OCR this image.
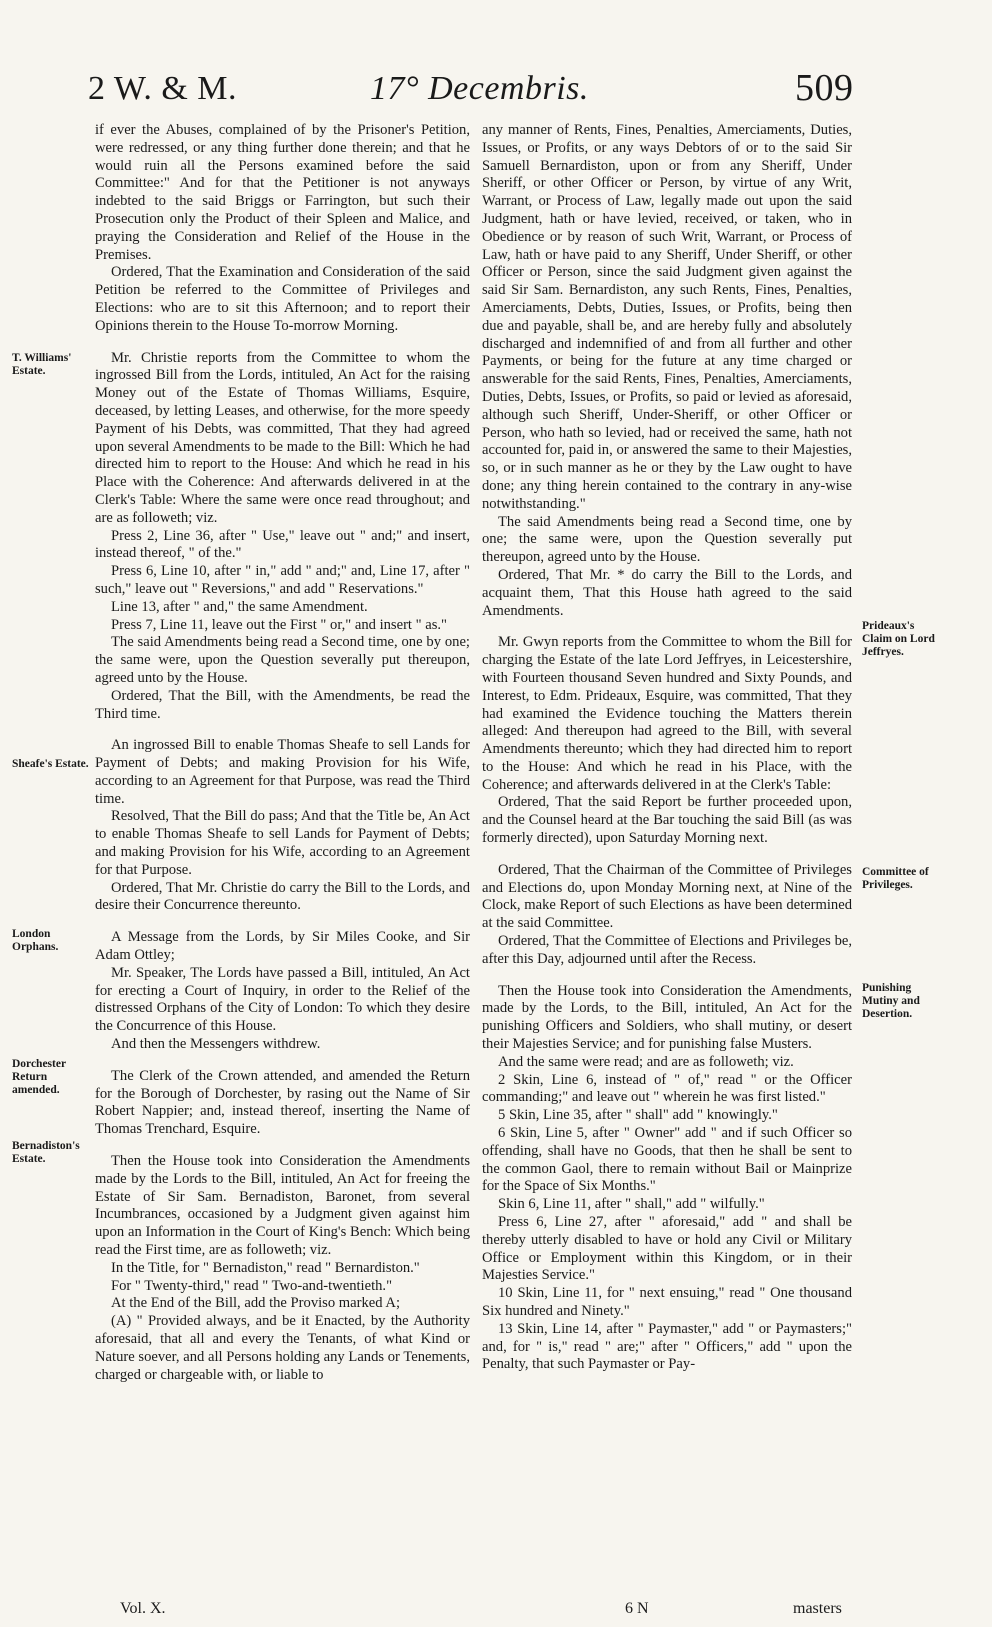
2 W. & M.	17° Decembris.	509
T. Williams' Estate.
Sheafe's Estate.
London Orphans.
Dorchester Return amended.
Bernadiston's Estate.
Prideaux's Claim on Lord Jeffryes.
Committee of Privileges.
Punishing Mutiny and Desertion.

if ever the Abuses, complained of by the Prisoner's Petition, were redressed, or any thing further done therein; and that he would ruin all the Persons examined before the said Committee:" And for that the Petitioner is not anyways indebted to the said Briggs or Farrington, but such their Prosecution only the Product of their Spleen and Malice, and praying the Consideration and Relief of the House in the Premises.

Ordered, That the Examination and Consideration of the said Petition be referred to the Committee of Privileges and Elections: who are to sit this Afternoon; and to report their Opinions therein to the House To-morrow Morning.

Mr. Christie reports from the Committee to whom the ingrossed Bill from the Lords, intituled, An Act for the raising Money out of the Estate of Thomas Williams, Esquire, deceased, by letting Leases, and otherwise, for the more speedy Payment of his Debts, was committed, That they had agreed upon several Amendments to be made to the Bill: Which he had directed him to report to the House: And which he read in his Place with the Coherence: And afterwards delivered in at the Clerk's Table: Where the same were once read throughout; and are as followeth; viz.

Press 2, Line 36, after " Use," leave out " and;" and insert, instead thereof, " of the."

Press 6, Line 10, after " in," add " and;" and, Line 17, after " such," leave out " Reversions," and add " Reservations."

Line 13, after " and," the same Amendment.

Press 7, Line 11, leave out the First " or," and insert " as."

The said Amendments being read a Second time, one by one; the same were, upon the Question severally put thereupon, agreed unto by the House.

Ordered, That the Bill, with the Amendments, be read the Third time.

An ingrossed Bill to enable Thomas Sheafe to sell Lands for Payment of Debts; and making Provision for his Wife, according to an Agreement for that Purpose, was read the Third time.

Resolved, That the Bill do pass; And that the Title be, An Act to enable Thomas Sheafe to sell Lands for Payment of Debts; and making Provision for his Wife, according to an Agreement for that Purpose.

Ordered, That Mr. Christie do carry the Bill to the Lords, and desire their Concurrence thereunto.

A Message from the Lords, by Sir Miles Cooke, and Sir Adam Ottley;

Mr. Speaker, The Lords have passed a Bill, intituled, An Act for erecting a Court of Inquiry, in order to the Relief of the distressed Orphans of the City of London: To which they desire the Concurrence of this House.

And then the Messengers withdrew.

The Clerk of the Crown attended, and amended the Return for the Borough of Dorchester, by rasing out the Name of Sir Robert Nappier; and, instead thereof, inserting the Name of Thomas Trenchard, Esquire.

Then the House took into Consideration the Amendments made by the Lords to the Bill, intituled, An Act for freeing the Estate of Sir Sam. Bernadiston, Baronet, from several Incumbrances, occasioned by a Judgment given against him upon an Information in the Court of King's Bench: Which being read the First time, are as followeth; viz.

In the Title, for " Bernadiston," read " Bernardiston."

For " Twenty-third," read " Two-and-twentieth."

At the End of the Bill, add the Proviso marked A;

(A) " Provided always, and be it Enacted, by the Authority aforesaid, that all and every the Tenants, of what Kind or Nature soever, and all Persons holding any Lands or Tenements, charged or chargeable with, or liable to

any manner of Rents, Fines, Penalties, Amerciaments, Duties, Issues, or Profits, or any ways Debtors of or to the said Sir Samuell Bernardiston, upon or from any Sheriff, Under Sheriff, or other Officer or Person, by virtue of any Writ, Warrant, or Process of Law, legally made out upon the said Judgment, hath or have levied, received, or taken, who in Obedience or by reason of such Writ, Warrant, or Process of Law, hath or have paid to any Sheriff, Under Sheriff, or other Officer or Person, since the said Judgment given against the said Sir Sam. Bernardiston, any such Rents, Fines, Penalties, Amerciaments, Debts, Duties, Issues, or Profits, being then due and payable, shall be, and are hereby fully and absolutely discharged and indemnified of and from all further and other Payments, or being for the future at any time charged or answerable for the said Rents, Fines, Penalties, Amerciaments, Duties, Debts, Issues, or Profits, so paid or levied as aforesaid, although such Sheriff, Under-Sheriff, or other Officer or Person, who hath so levied, had or received the same, hath not accounted for, paid in, or answered the same to their Majesties, so, or in such manner as he or they by the Law ought to have done; any thing herein contained to the contrary in any-wise notwithstanding."

The said Amendments being read a Second time, one by one; the same were, upon the Question severally put thereupon, agreed unto by the House.

Ordered, That Mr. * do carry the Bill to the Lords, and acquaint them, That this House hath agreed to the said Amendments.

Mr. Gwyn reports from the Committee to whom the Bill for charging the Estate of the late Lord Jeffryes, in Leicestershire, with Fourteen thousand Seven hundred and Sixty Pounds, and Interest, to Edm. Prideaux, Esquire, was committed, That they had examined the Evidence touching the Matters therein alleged: And thereupon had agreed to the Bill, with several Amendments thereunto; which they had directed him to report to the House: And which he read in his Place, with the Coherence; and afterwards delivered in at the Clerk's Table:

Ordered, That the said Report be further proceeded upon, and the Counsel heard at the Bar touching the said Bill (as was formerly directed), upon Saturday Morning next.

Ordered, That the Chairman of the Committee of Privileges and Elections do, upon Monday Morning next, at Nine of the Clock, make Report of such Elections as have been determined at the said Committee.

Ordered, That the Committee of Elections and Privileges be, after this Day, adjourned until after the Recess.

Then the House took into Consideration the Amendments, made by the Lords, to the Bill, intituled, An Act for the punishing Officers and Soldiers, who shall mutiny, or desert their Majesties Service; and for punishing false Musters.

And the same were read; and are as followeth; viz.

2 Skin, Line 6, instead of " of," read " or the Officer commanding;" and leave out " wherein he was first listed."

5 Skin, Line 35, after " shall" add " knowingly."

6 Skin, Line 5, after " Owner" add " and if such Officer so offending, shall have no Goods, that then he shall be sent to the common Gaol, there to remain without Bail or Mainprize for the Space of Six Months."

Skin 6, Line 11, after " shall," add " wilfully."

Press 6, Line 27, after " aforesaid," add " and shall be thereby utterly disabled to have or hold any Civil or Military Office or Employment within this Kingdom, or in their Majesties Service."

10 Skin, Line 11, for " next ensuing," read " One thousand Six hundred and Ninety."

13 Skin, Line 14, after " Paymaster," add " or Paymasters;" and, for " is," read " are;" after " Officers," add " upon the Penalty, that such Paymaster or Pay-

Vol. X.	6 N	masters
